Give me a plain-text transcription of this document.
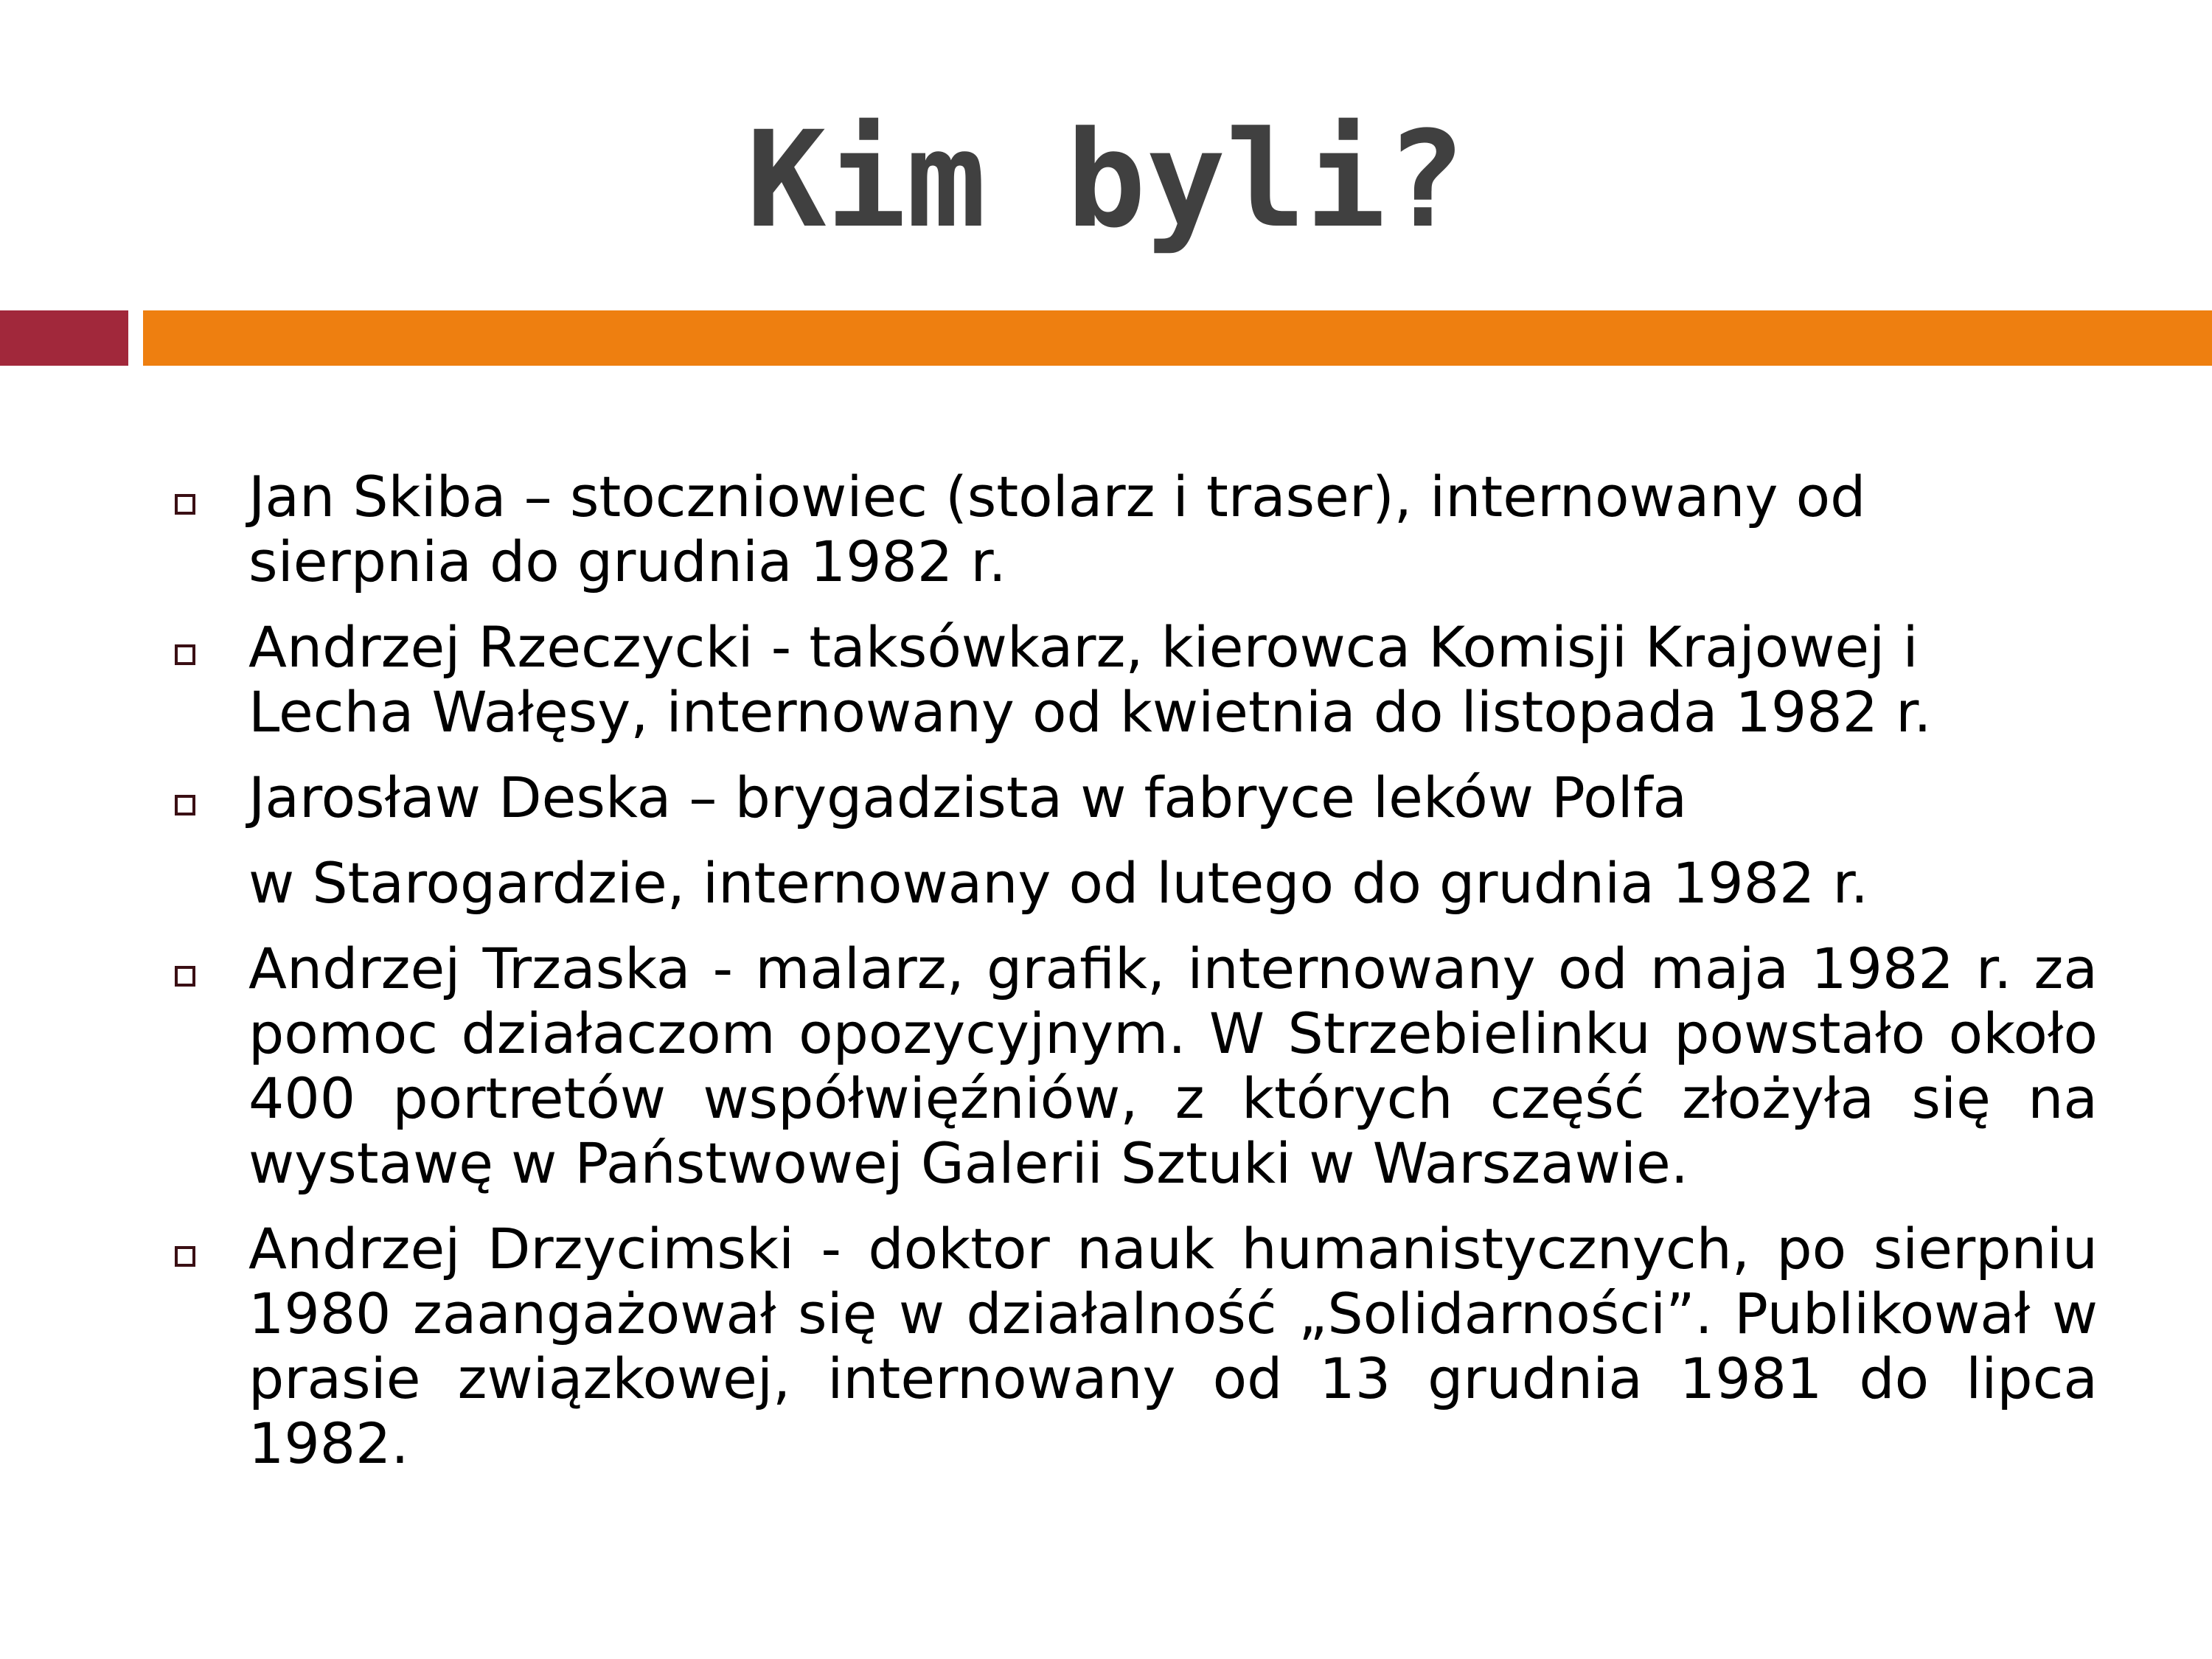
Kim byli?
Jan Skiba – stoczniowiec (stolarz i traser), internowany od sierpnia do grudnia 1982 r.
Andrzej Rzeczycki - taksówkarz, kierowca Komisji Krajowej i Lecha Wałęsy, internowany od kwietnia do listopada 1982 r.
Jarosław Deska – brygadzista w fabryce leków Polfa
w Starogardzie, internowany od lutego do grudnia 1982 r.
Andrzej Trzaska - malarz, grafik, internowany od maja 1982 r. za pomoc działaczom opozycyjnym. W Strzebielinku powstało około 400 portretów współwięźniów, z których część złożyła się na wystawę w Państwowej Galerii Sztuki w Warszawie.
Andrzej Drzycimski - doktor nauk humanistycznych, po sierpniu 1980 zaangażował się w działalność „Solidarności”. Publikował w prasie związkowej, internowany od 13 grudnia 1981 do lipca 1982.
